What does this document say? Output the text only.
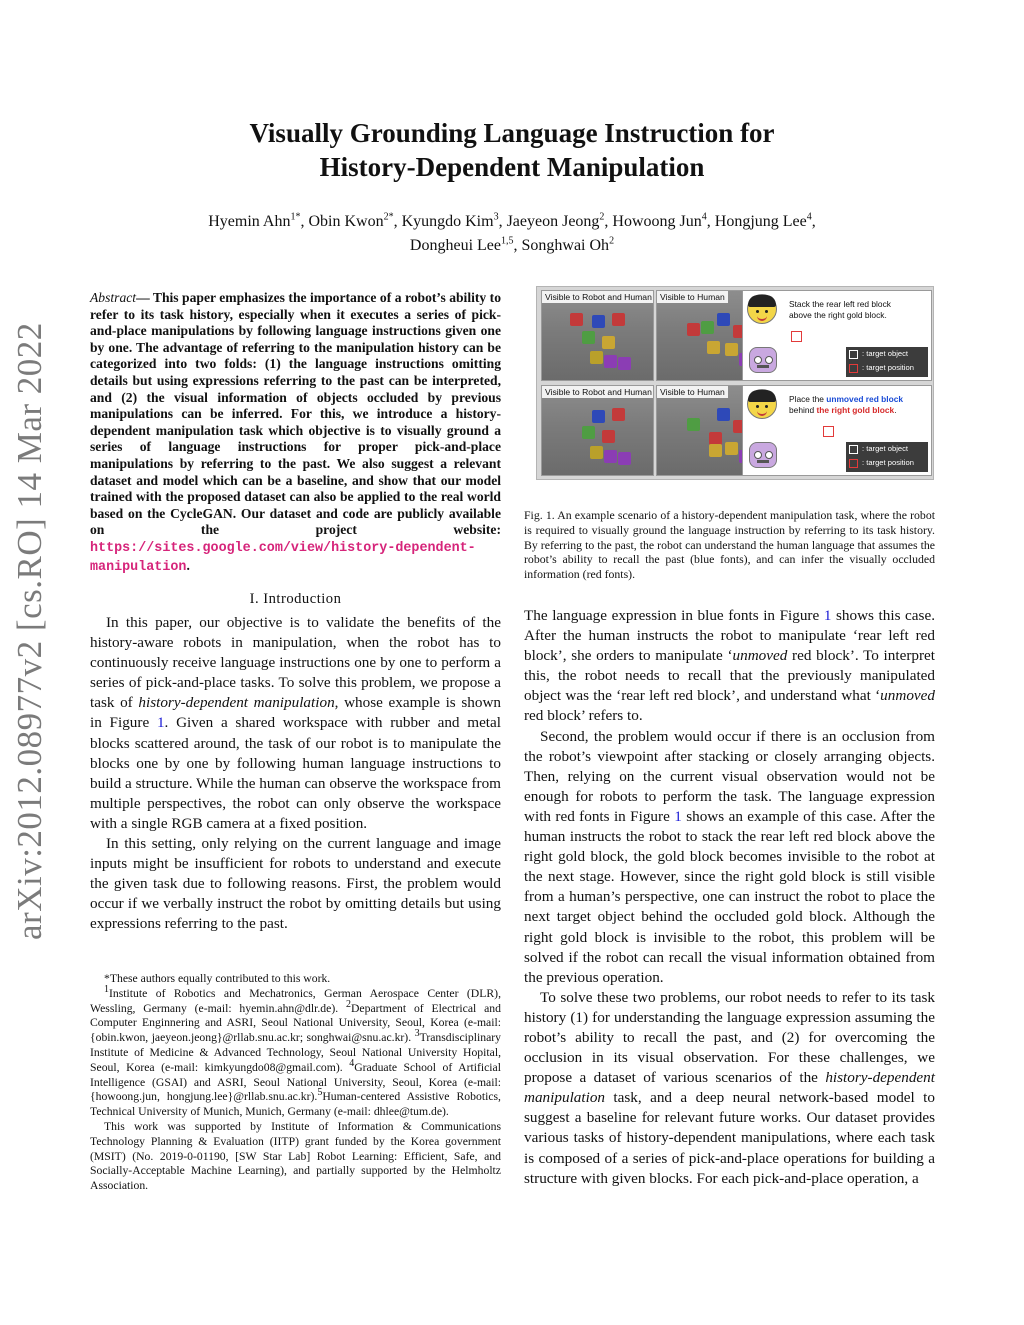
arXiv:2012.08977v2 [cs.RO] 14 Mar 2022
Visually Grounding Language Instruction for
History-Dependent Manipulation
Hyemin Ahn$^{1*}$, Obin Kwon$^{2*}$, Kyungdo Kim$^3$, Jaeyeon Jeong$^2$, Howoong Jun$^4$, Hongjung Lee$^4$,
Dongheui Lee$^{1,5}$, Songhwai Oh$^2$
Abstract— This paper emphasizes the importance of a robot’s ability to refer to its task history, especially when it executes a series of pick-and-place manipulations by following language instructions given one by one. The advantage of referring to the manipulation history can be categorized into two folds: (1) the language instructions omitting details but using expressions referring to the past can be interpreted, and (2) the visual information of objects occluded by previous manipulations can be inferred. For this, we introduce a history-dependent manipulation task which objective is to visually ground a series of language instructions for proper pick-and-place manipulations by referring to the past. We also suggest a relevant dataset and model which can be a baseline, and show that our model trained with the proposed dataset can also be applied to the real world based on the CycleGAN. Our dataset and code are publicly available on the project website: https://sites.google.com/view/history-dependent-manipulation.
I. Introduction

In this paper, our objective is to validate the benefits of the history-aware robots in manipulation, when the robot has to continuously receive language instructions one by one to perform a series of pick-and-place tasks. To solve this problem, we propose a task of history-dependent manipulation, whose example is shown in Figure 1. Given a shared workspace with rubber and metal blocks scattered around, the task of our robot is to manipulate the blocks one by one by following human language instructions to build a structure. While the human can observe the workspace from multiple perspectives, the robot can only observe the workspace with a single RGB camera at a fixed position.

In this setting, only relying on the current language and image inputs might be insufficient for robots to understand and execute the given task due to following reasons. First, the problem would occur if we verbally instruct the robot by omitting details but using expressions referring to the past.

*These authors equally contributed to this work.

$^1$Institute of Robotics and Mechatronics, German Aerospace Center (DLR), Wessling, Germany (e-mail: hyemin.ahn@dlr.de). $^2$Department of Electrical and Computer Enginnering and ASRI, Seoul National University, Seoul, Korea (e-mail: {obin.kwon, jaeyeon.jeong}@rllab.snu.ac.kr; songhwai@snu.ac.kr). $^3$Transdisciplinary Institute of Medicine & Advanced Technology, Seoul National University Hopital, Seoul, Korea (e-mail: kimkyungdo08@gmail.com). $^4$Graduate School of Artificial Intelligence (GSAI) and ASRI, Seoul National University, Seoul, Korea (e-mail: {howoong.jun, hongjung.lee}@rllab.snu.ac.kr).$^5$Human-centered Assistive Robotics, Technical University of Munich, Munich, Germany (e-mail: dhlee@tum.de).

This work was supported by Institute of Information & Communications Technology Planning & Evaluation (IITP) grant funded by the Korea government (MSIT) (No. 2019-0-01190, [SW Star Lab] Robot Learning: Efficient, Safe, and Socially-Acceptable Machine Learning), and partially supported by the Helmholtz Association.

Visible to Robot and Human Visible to Human
Stack the rear left red block
above the right gold block.
: target object
: target position
Visible to Robot and Human Visible to Human
Place the unmoved red block
behind the right gold block.
: target object
: target position
Fig. 1. An example scenario of a history-dependent manipulation task, where the robot is required to visually ground the language instruction by referring to its task history. By referring to the past, the robot can understand the human language that assumes the robot’s ability to recall the past (blue fonts), and can infer the visually occluded information (red fonts).

The language expression in blue fonts in Figure 1 shows this case. After the human instructs the robot to manipulate ‘rear left red block’, she orders to manipulate ‘unmoved red block’. To interpret this, the robot needs to recall that the previously manipulated object was the ‘rear left red block’, and understand what ‘unmoved red block’ refers to.

Second, the problem would occur if there is an occlusion from the robot’s viewpoint after stacking or closely arranging objects. Then, relying on the current visual observation would not be enough for robots to perform the task. The language expression with red fonts in Figure 1 shows an example of this case. After the human instructs the robot to stack the rear left red block above the right gold block, the gold block becomes invisible to the robot at the next stage. However, since the right gold block is still visible from a human’s perspective, one can instruct the robot to place the next target object behind the occluded gold block. Although the right gold block is invisible to the robot, this problem will be solved if the robot can recall the visual information obtained from the previous operation.

To solve these two problems, our robot needs to refer to its task history (1) for understanding the language expression assuming the robot’s ability to recall the past, and (2) for overcoming the occlusion in its visual observation. For these challenges, we propose a dataset of various scenarios of the history-dependent manipulation task, and a deep neural network-based model to suggest a baseline for relevant future works. Our dataset provides various tasks of history-dependent manipulations, where each task is composed of a series of pick-and-place operations for building a structure with given blocks. For each pick-and-place operation, a
